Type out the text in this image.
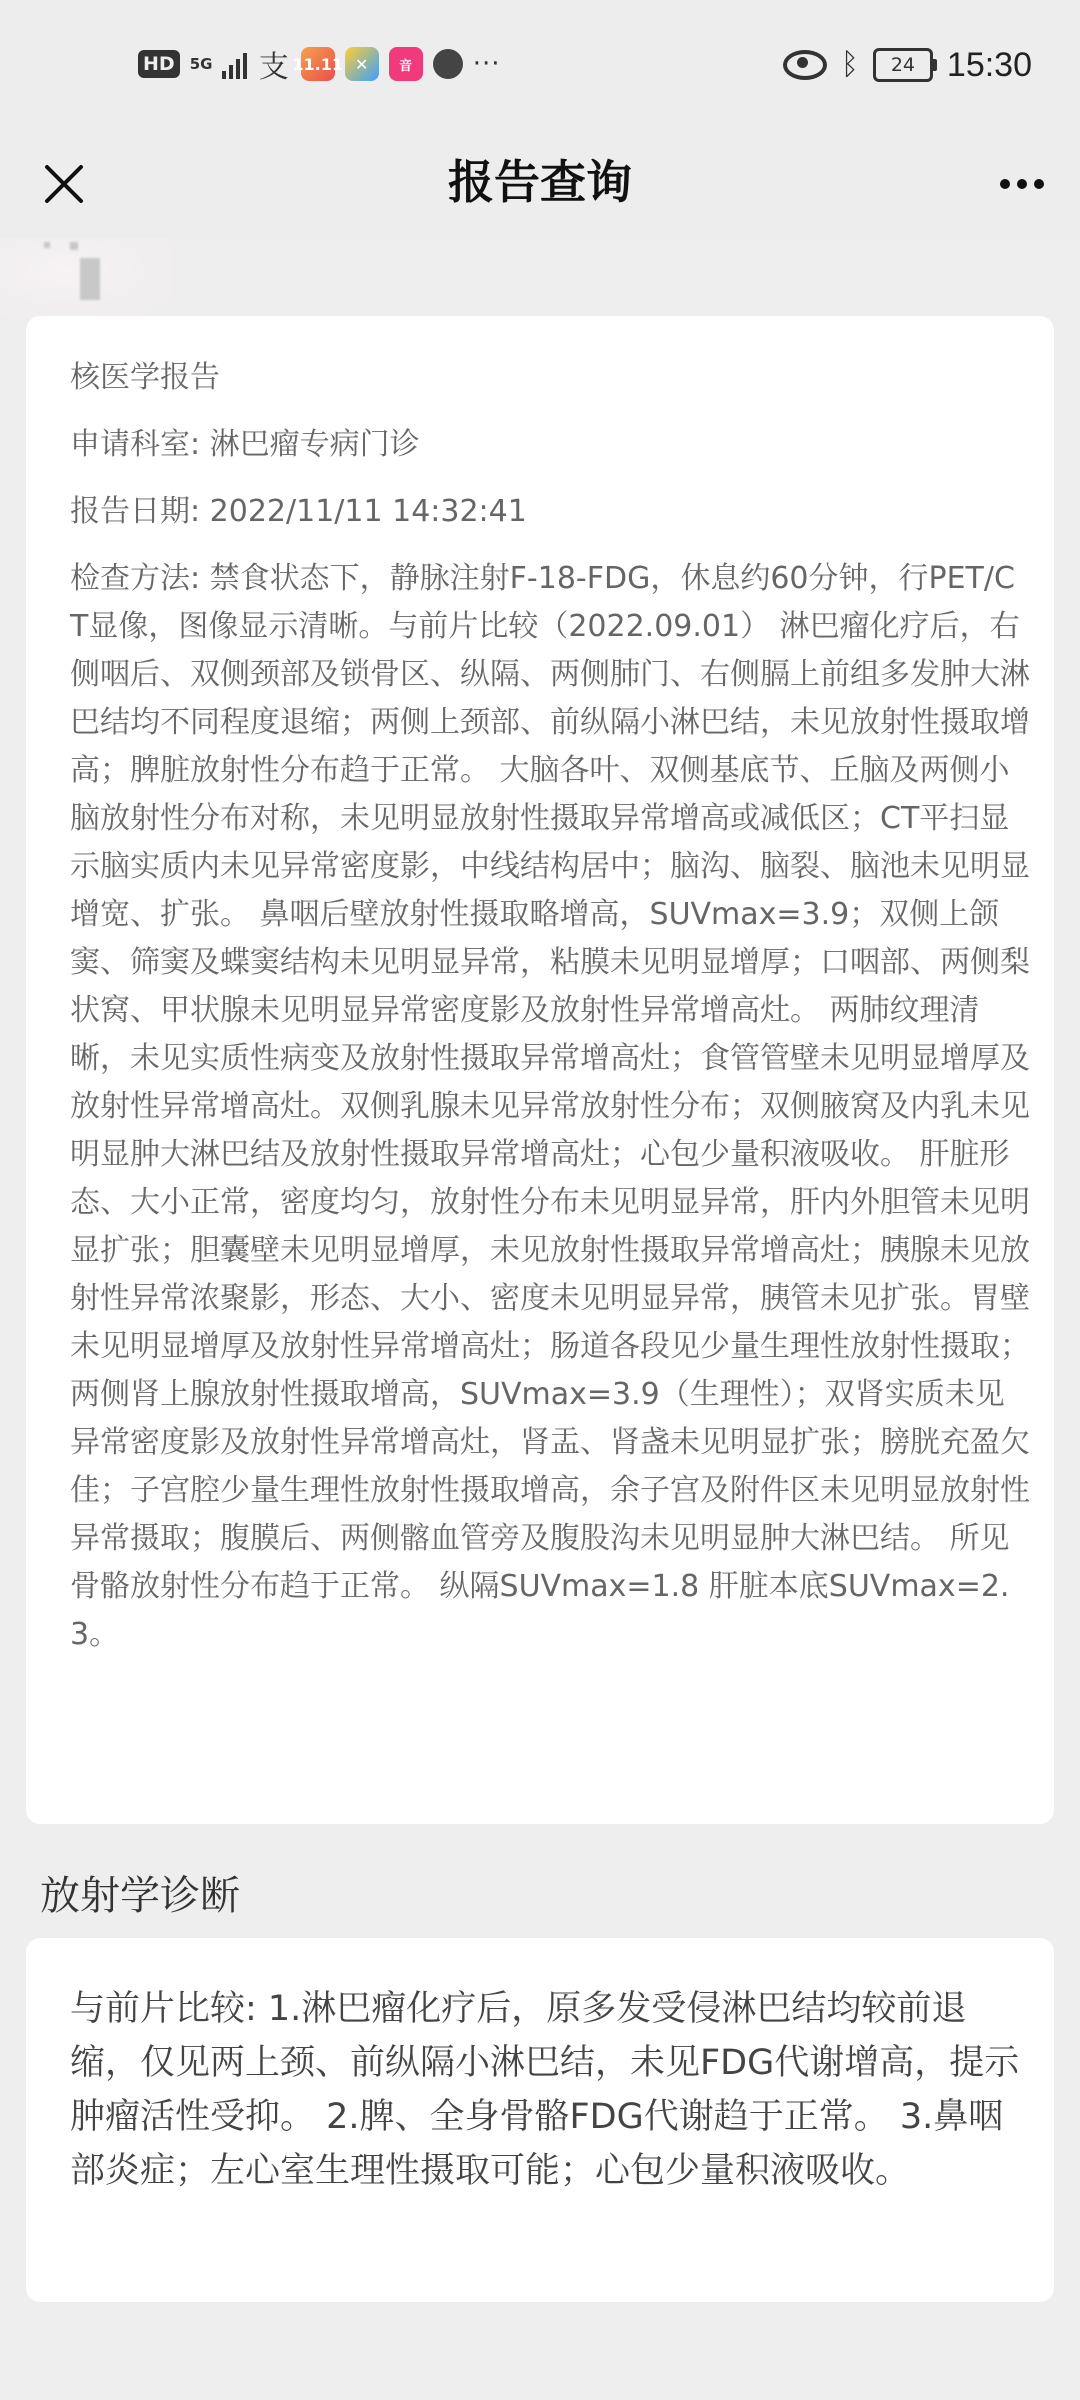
HD	5G 支 11.11 ✕	音	···	ᛒ 24 15:30
报告查询
核医学报告
申请科室: 淋巴瘤专病门诊
报告日期: 2022/11/11 14:32:41
检查方法: 禁食状态下，静脉注射F-18-FDG，休息约60分钟，行PET/CT显像，图像显示清晰。与前片比较（2022.09.01） 淋巴瘤化疗后，右侧咽后、双侧颈部及锁骨区、纵隔、两侧肺门、右侧膈上前组多发肿大淋巴结均不同程度退缩；两侧上颈部、前纵隔小淋巴结，未见放射性摄取增高；脾脏放射性分布趋于正常。 大脑各叶、双侧基底节、丘脑及两侧小脑放射性分布对称，未见明显放射性摄取异常增高或减低区；CT平扫显示脑实质内未见异常密度影，中线结构居中；脑沟、脑裂、脑池未见明显增宽、扩张。 鼻咽后壁放射性摄取略增高，SUVmax=3.9；双侧上颌窦、筛窦及蝶窦结构未见明显异常，粘膜未见明显增厚；口咽部、两侧梨状窝、甲状腺未见明显异常密度影及放射性异常增高灶。 两肺纹理清晰，未见实质性病变及放射性摄取异常增高灶；食管管壁未见明显增厚及放射性异常增高灶。双侧乳腺未见异常放射性分布；双侧腋窝及内乳未见明显肿大淋巴结及放射性摄取异常增高灶；心包少量积液吸收。 肝脏形态、大小正常，密度均匀，放射性分布未见明显异常，肝内外胆管未见明显扩张；胆囊壁未见明显增厚，未见放射性摄取异常增高灶；胰腺未见放射性异常浓聚影，形态、大小、密度未见明显异常，胰管未见扩张。胃壁未见明显增厚及放射性异常增高灶；肠道各段见少量生理性放射性摄取；两侧肾上腺放射性摄取增高，SUVmax=3.9（生理性）；双肾实质未见异常密度影及放射性异常增高灶，肾盂、肾盏未见明显扩张；膀胱充盈欠佳；子宫腔少量生理性放射性摄取增高，余子宫及附件区未见明显放射性异常摄取；腹膜后、两侧髂血管旁及腹股沟未见明显肿大淋巴结。 所见骨骼放射性分布趋于正常。 纵隔SUVmax=1.8 肝脏本底SUVmax=2.3。
放射学诊断
与前片比较: 1.淋巴瘤化疗后，原多发受侵淋巴结均较前退缩，仅见两上颈、前纵隔小淋巴结，未见FDG代谢增高，提示肿瘤活性受抑。 2.脾、全身骨骼FDG代谢趋于正常。 3.鼻咽部炎症；左心室生理性摄取可能；心包少量积液吸收。
